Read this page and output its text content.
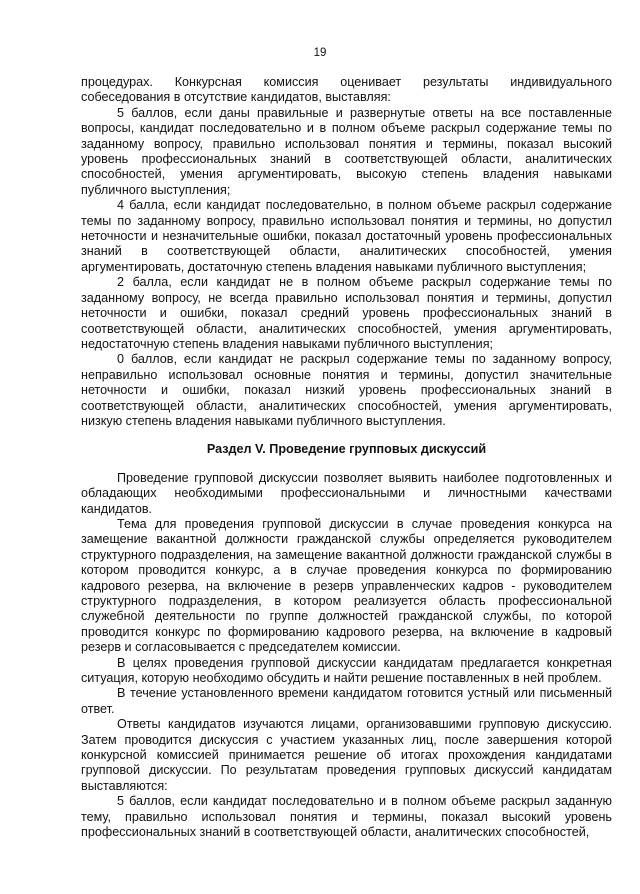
19

процедурах. Конкурсная комиссия оценивает результаты индивидуального собеседования в отсутствие кандидатов, выставляя:

5 баллов, если даны правильные и развернутые ответы на все поставленные вопросы, кандидат последовательно и в полном объеме раскрыл содержание темы по заданному вопросу, правильно использовал понятия и термины, показал высокий уровень профессиональных знаний в соответствующей области, аналитических способностей, умения аргументировать, высокую степень владения навыками публичного выступления;

4 балла, если кандидат последовательно, в полном объеме раскрыл содержание темы по заданному вопросу, правильно использовал понятия и термины, но допустил неточности и незначительные ошибки, показал достаточный уровень профессиональных знаний в соответствующей области, аналитических способностей, умения аргументировать, достаточную степень владения навыками публичного выступления;

2 балла, если кандидат не в полном объеме раскрыл содержание темы по заданному вопросу, не всегда правильно использовал понятия и термины, допустил неточности и ошибки, показал средний уровень профессиональных знаний в соответствующей области, аналитических способностей, умения аргументировать, недостаточную степень владения навыками публичного выступления;

0 баллов, если кандидат не раскрыл содержание темы по заданному вопросу, неправильно использовал основные понятия и термины, допустил значительные неточности и ошибки, показал низкий уровень профессиональных знаний в соответствующей области, аналитических способностей, умения аргументировать, низкую степень владения навыками публичного выступления.

Раздел V. Проведение групповых дискуссий

Проведение групповой дискуссии позволяет выявить наиболее подготовленных и обладающих необходимыми профессиональными и личностными качествами кандидатов.

Тема для проведения групповой дискуссии в случае проведения конкурса на замещение вакантной должности гражданской службы определяется руководителем структурного подразделения, на замещение вакантной должности гражданской службы в котором проводится конкурс, а в случае проведения конкурса по формированию кадрового резерва, на включение в резерв управленческих кадров - руководителем структурного подразделения, в котором реализуется область профессиональной служебной деятельности по группе должностей гражданской службы, по которой проводится конкурс по формированию кадрового резерва, на включение в кадровый резерв и согласовывается с председателем комиссии.

В целях проведения групповой дискуссии кандидатам предлагается конкретная ситуация, которую необходимо обсудить и найти решение поставленных в ней проблем.

В течение установленного времени кандидатом готовится устный или письменный ответ.

Ответы кандидатов изучаются лицами, организовавшими групповую дискуссию. Затем проводится дискуссия с участием указанных лиц, после завершения которой конкурсной комиссией принимается решение об итогах прохождения кандидатами групповой дискуссии. По результатам проведения групповых дискуссий кандидатам выставляются:

5 баллов, если кандидат последовательно и в полном объеме раскрыл заданную тему, правильно использовал понятия и термины, показал высокий уровень профессиональных знаний в соответствующей области, аналитических способностей,
